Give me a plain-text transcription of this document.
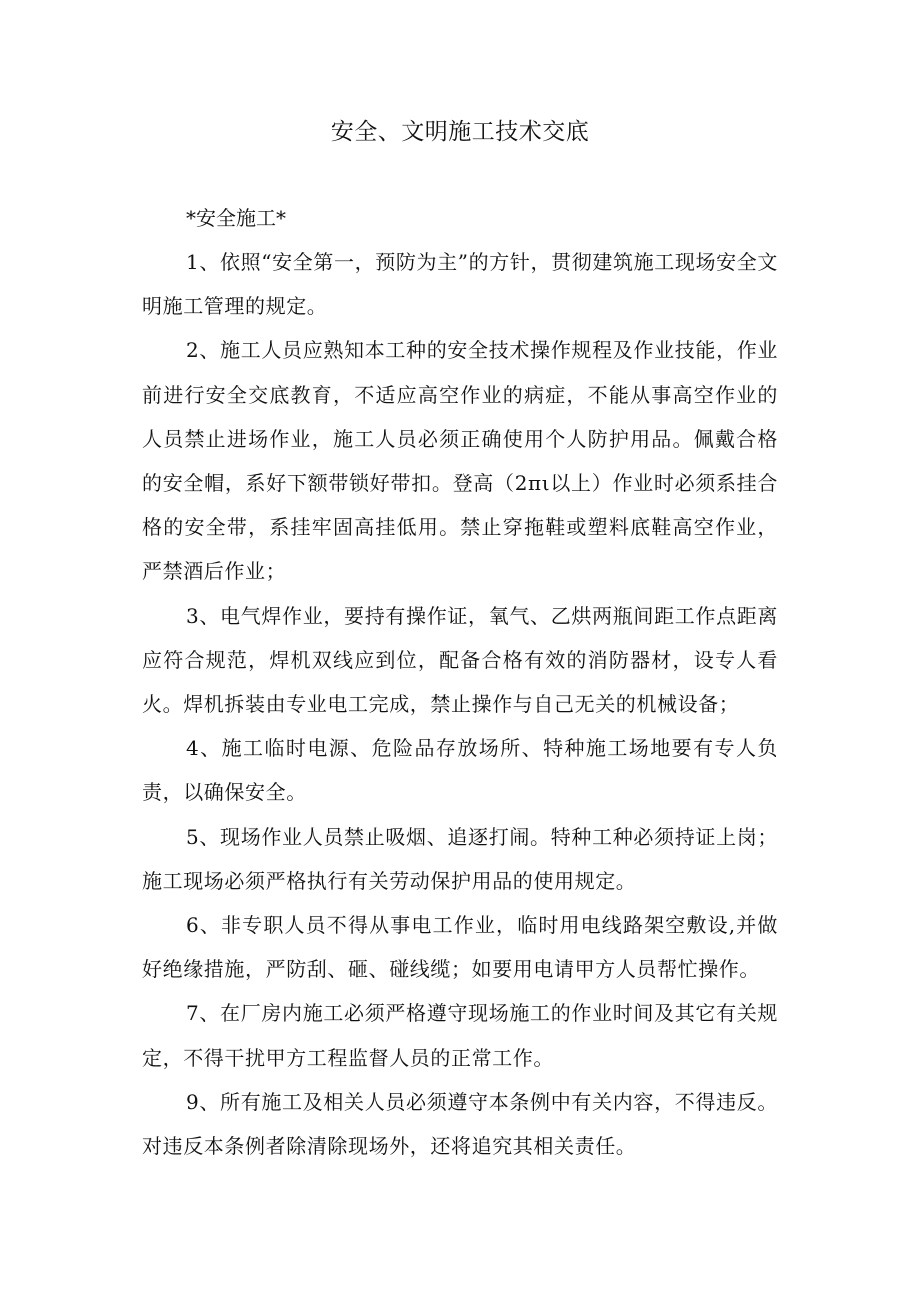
安全、文明施工技术交底

*安全施工*

1、依照“安全第一，预防为主”的方针，贯彻建筑施工现场安全文明施工管理的规定。

2、施工人员应熟知本工种的安全技术操作规程及作业技能，作业前进行安全交底教育，不适应高空作业的病症，不能从事高空作业的人员禁止进场作业，施工人员必须正确使用个人防护用品。佩戴合格的安全帽，系好下额带锁好带扣。登高（2πι以上）作业时必须系挂合格的安全带，系挂牢固高挂低用。禁止穿拖鞋或塑料底鞋高空作业，严禁酒后作业；

3、电气焊作业，要持有操作证，氧气、乙烘两瓶间距工作点距离应符合规范，焊机双线应到位，配备合格有效的消防器材，设专人看火。焊机拆装由专业电工完成，禁止操作与自己无关的机械设备；

4、施工临时电源、危险品存放场所、特种施工场地要有专人负责，以确保安全。

5、现场作业人员禁止吸烟、追逐打闹。特种工种必须持证上岗；施工现场必须严格执行有关劳动保护用品的使用规定。

6、非专职人员不得从事电工作业，临时用电线路架空敷设,并做好绝缘措施，严防刮、砸、碰线缆；如要用电请甲方人员帮忙操作。

7、在厂房内施工必须严格遵守现场施工的作业时间及其它有关规定，不得干扰甲方工程监督人员的正常工作。

9、所有施工及相关人员必须遵守本条例中有关内容，不得违反。对违反本条例者除清除现场外，还将追究其相关责任。
